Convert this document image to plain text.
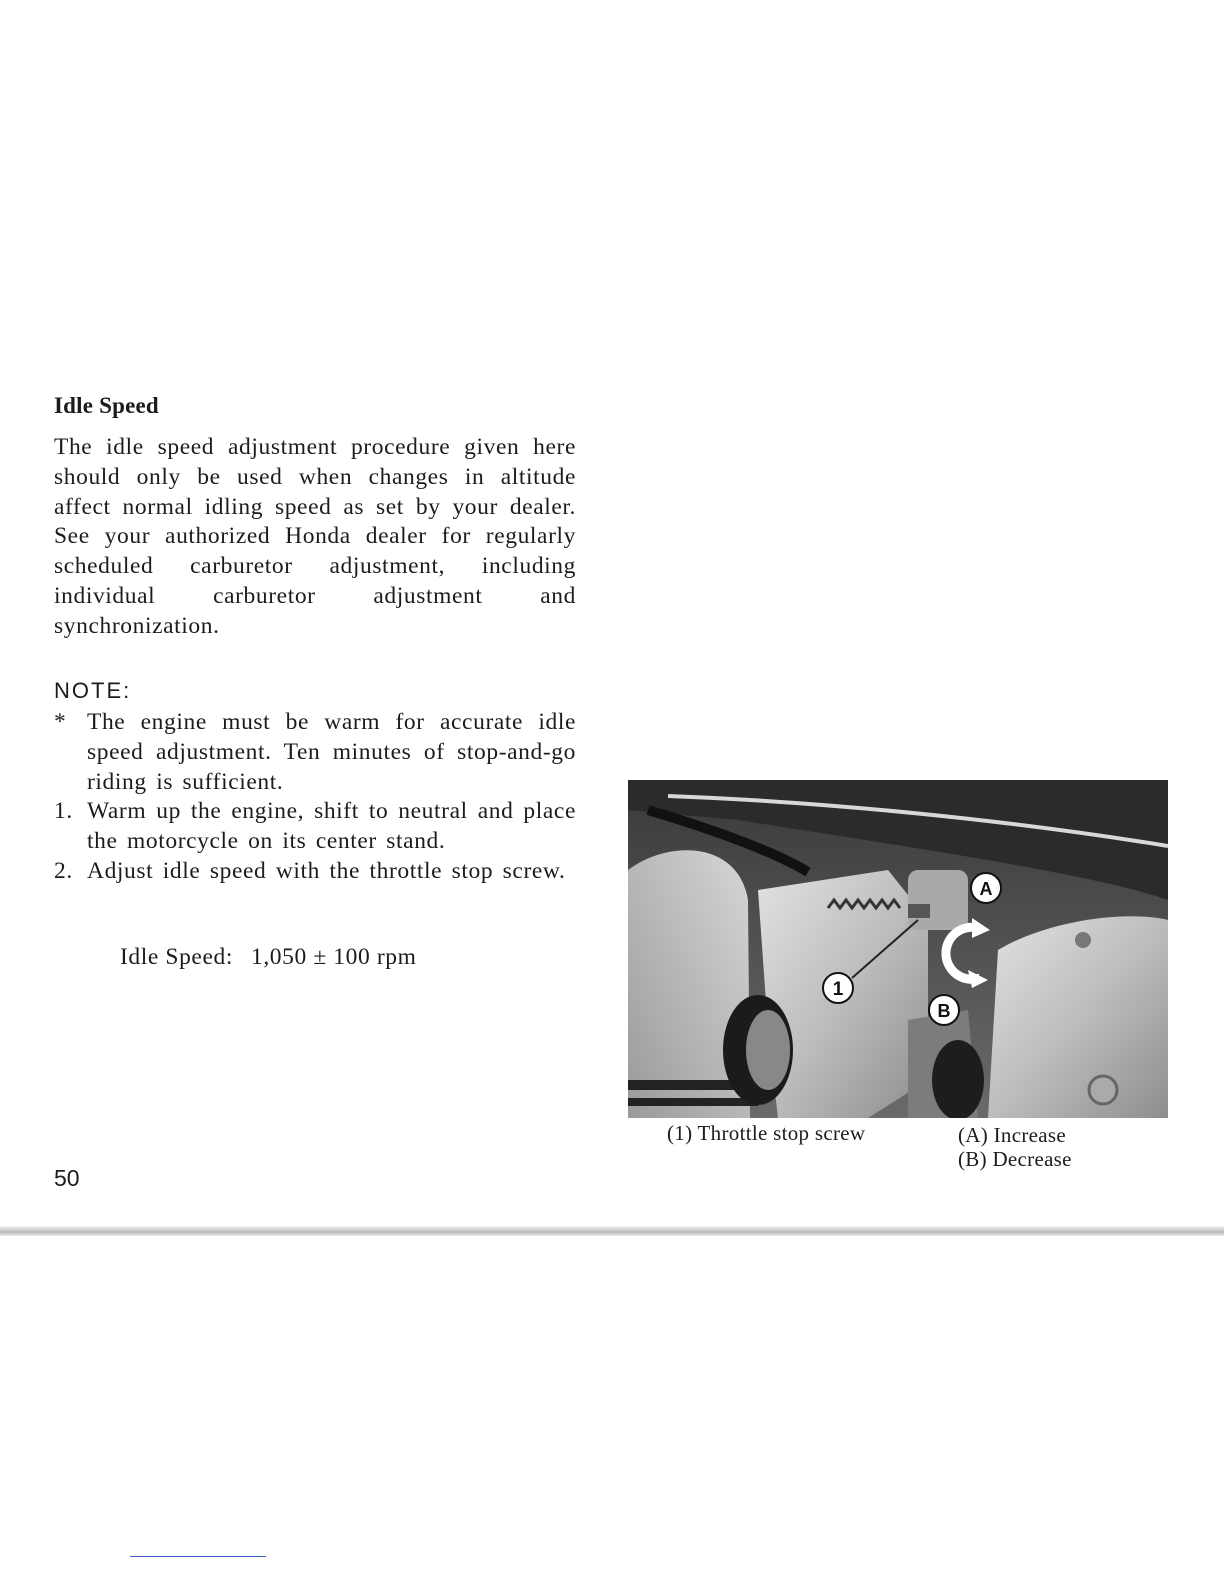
Idle Speed
The idle speed adjustment procedure given here should only be used when changes in altitude affect normal idling speed as set by your dealer. See your authorized Honda dealer for regularly scheduled carburetor adjustment, including individual carburetor adjustment and synchronization.
NOTE:
* The engine must be warm for accurate idle speed adjustment. Ten minutes of stop-and-go riding is sufficient.
1. Warm up the engine, shift to neutral and place the motorcycle on its center stand.
2. Adjust idle speed with the throttle stop screw.
Idle Speed: 1,050 ± 100 rpm
1
A
B
(1) Throttle stop screw	(A) Increase
(B) Decrease
50
